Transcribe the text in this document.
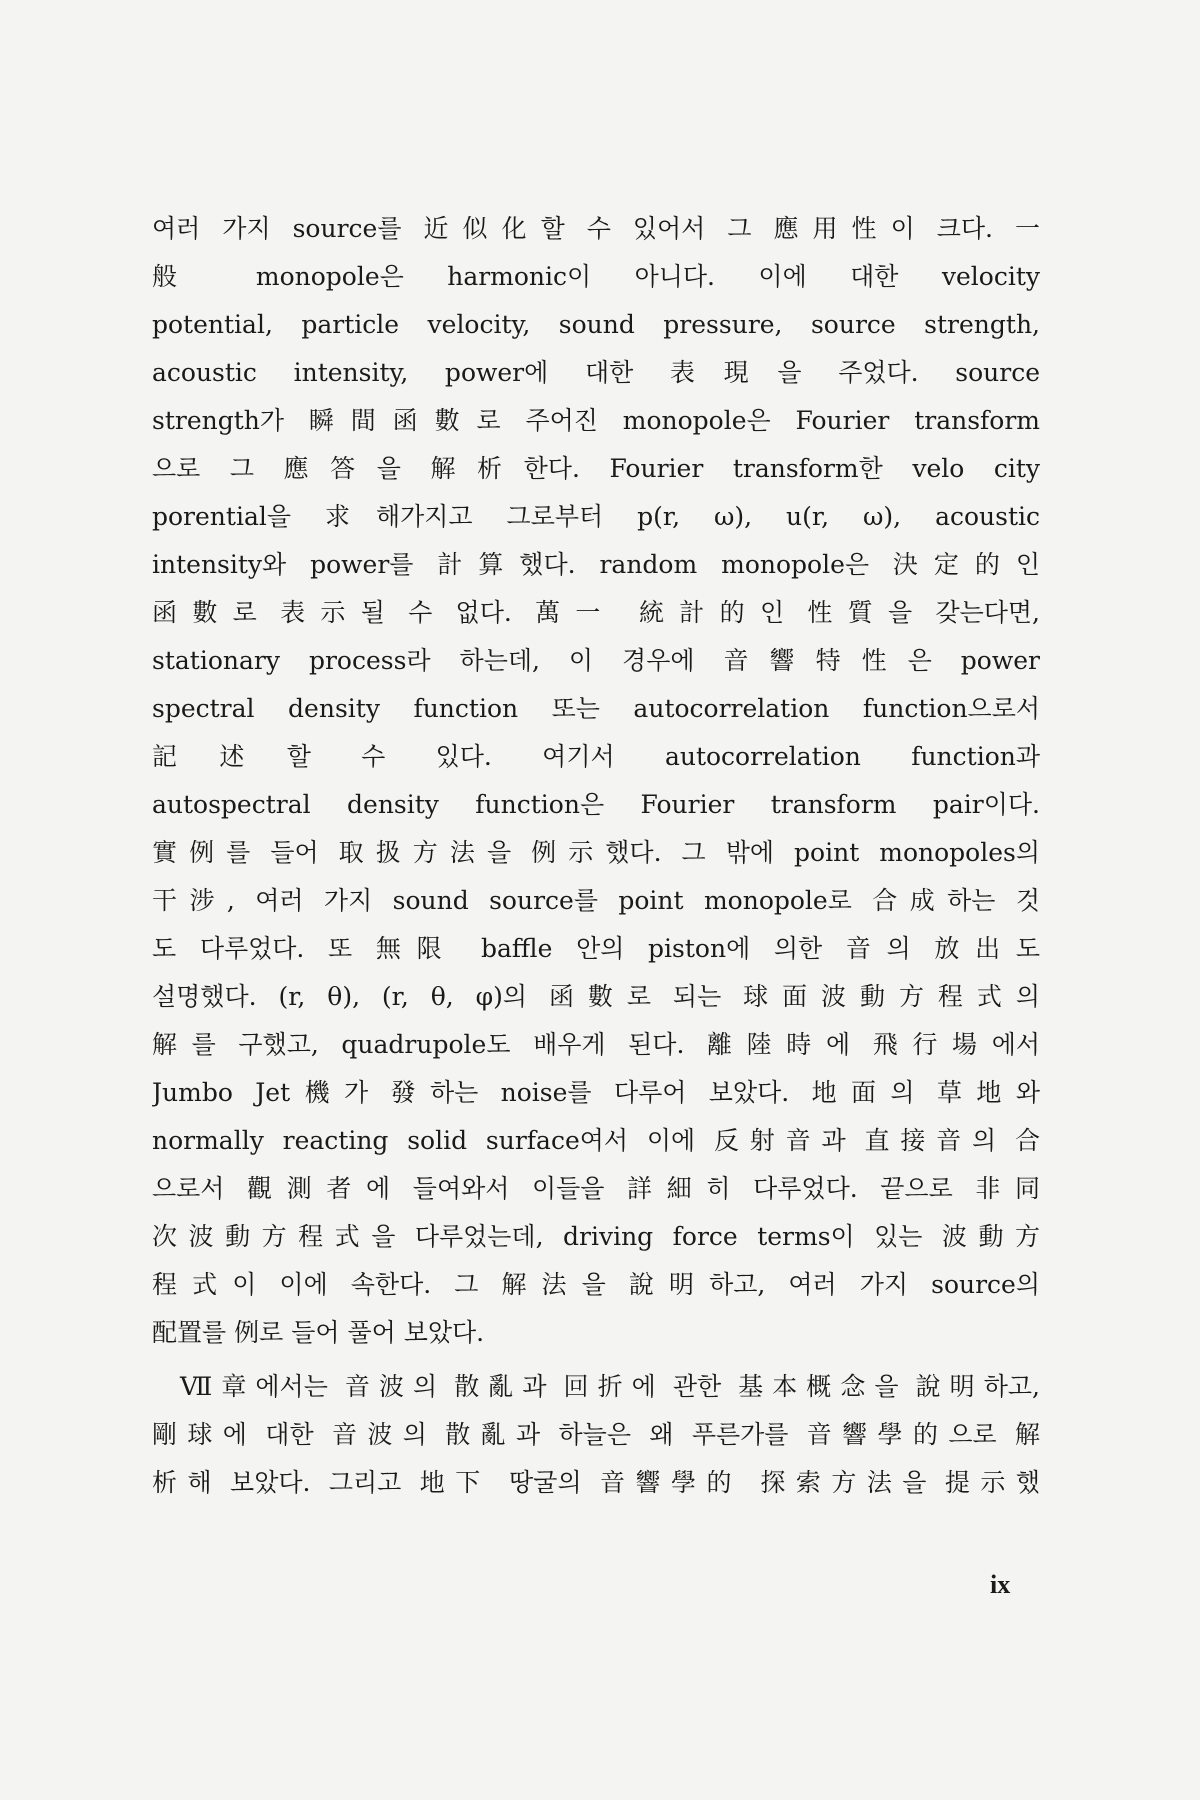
여러 가지 source를 近似化할 수 있어서 그 應用性이 크다. 一
般 monopole은 harmonic이 아니다. 이에 대한 velocity
potential, particle velocity, sound pressure, source strength,
acoustic intensity, power에 대한 表現을 주었다. source
strength가 瞬間函數로 주어진 monopole은 Fourier transform
으로 그 應答을 解析한다. Fourier transform한 velo city
porential을 求해가지고 그로부터 p(r, ω), u(r, ω), acoustic
intensity와 power를 計算했다. random monopole은 決定的인
函數로 表示될 수 없다. 萬一 統計的인 性質을 갖는다면,
stationary process라 하는데, 이 경우에 音響特性은 power
spectral density function 또는 autocorrelation function으로서
記述할 수 있다. 여기서 autocorrelation function과
autospectral density function은 Fourier transform pair이다.
實例를 들어 取扱方法을 例示했다. 그 밖에 point monopoles의
干涉, 여러 가지 sound source를 point monopole로 合成하는 것
도 다루었다. 또 無限 baffle 안의 piston에 의한 音의 放出도
설명했다. (r, θ), (r, θ, φ)의 函數로 되는 球面波動方程式의
解를 구했고, quadrupole도 배우게 된다. 離陸時에 飛行場에서
Jumbo Jet機가 發하는 noise를 다루어 보았다. 地面의 草地와
normally reacting solid surface여서 이에 反射音과 直接音의 合
으로서 觀測者에 들여와서 이들을 詳細히 다루었다. 끝으로 非同
次波動方程式을 다루었는데, driving force terms이 있는 波動方
程式이 이에 속한다. 그 解法을 說明하고, 여러 가지 source의
配置를 例로 들어 풀어 보았다.
Ⅶ章에서는 音波의 散亂과 回折에 관한 基本概念을 說明하고,
剛球에 대한 音波의 散亂과 하늘은 왜 푸른가를 音響學的으로 解
析해 보았다. 그리고 地下 땅굴의 音響學的 探索方法을 提示했
ix
